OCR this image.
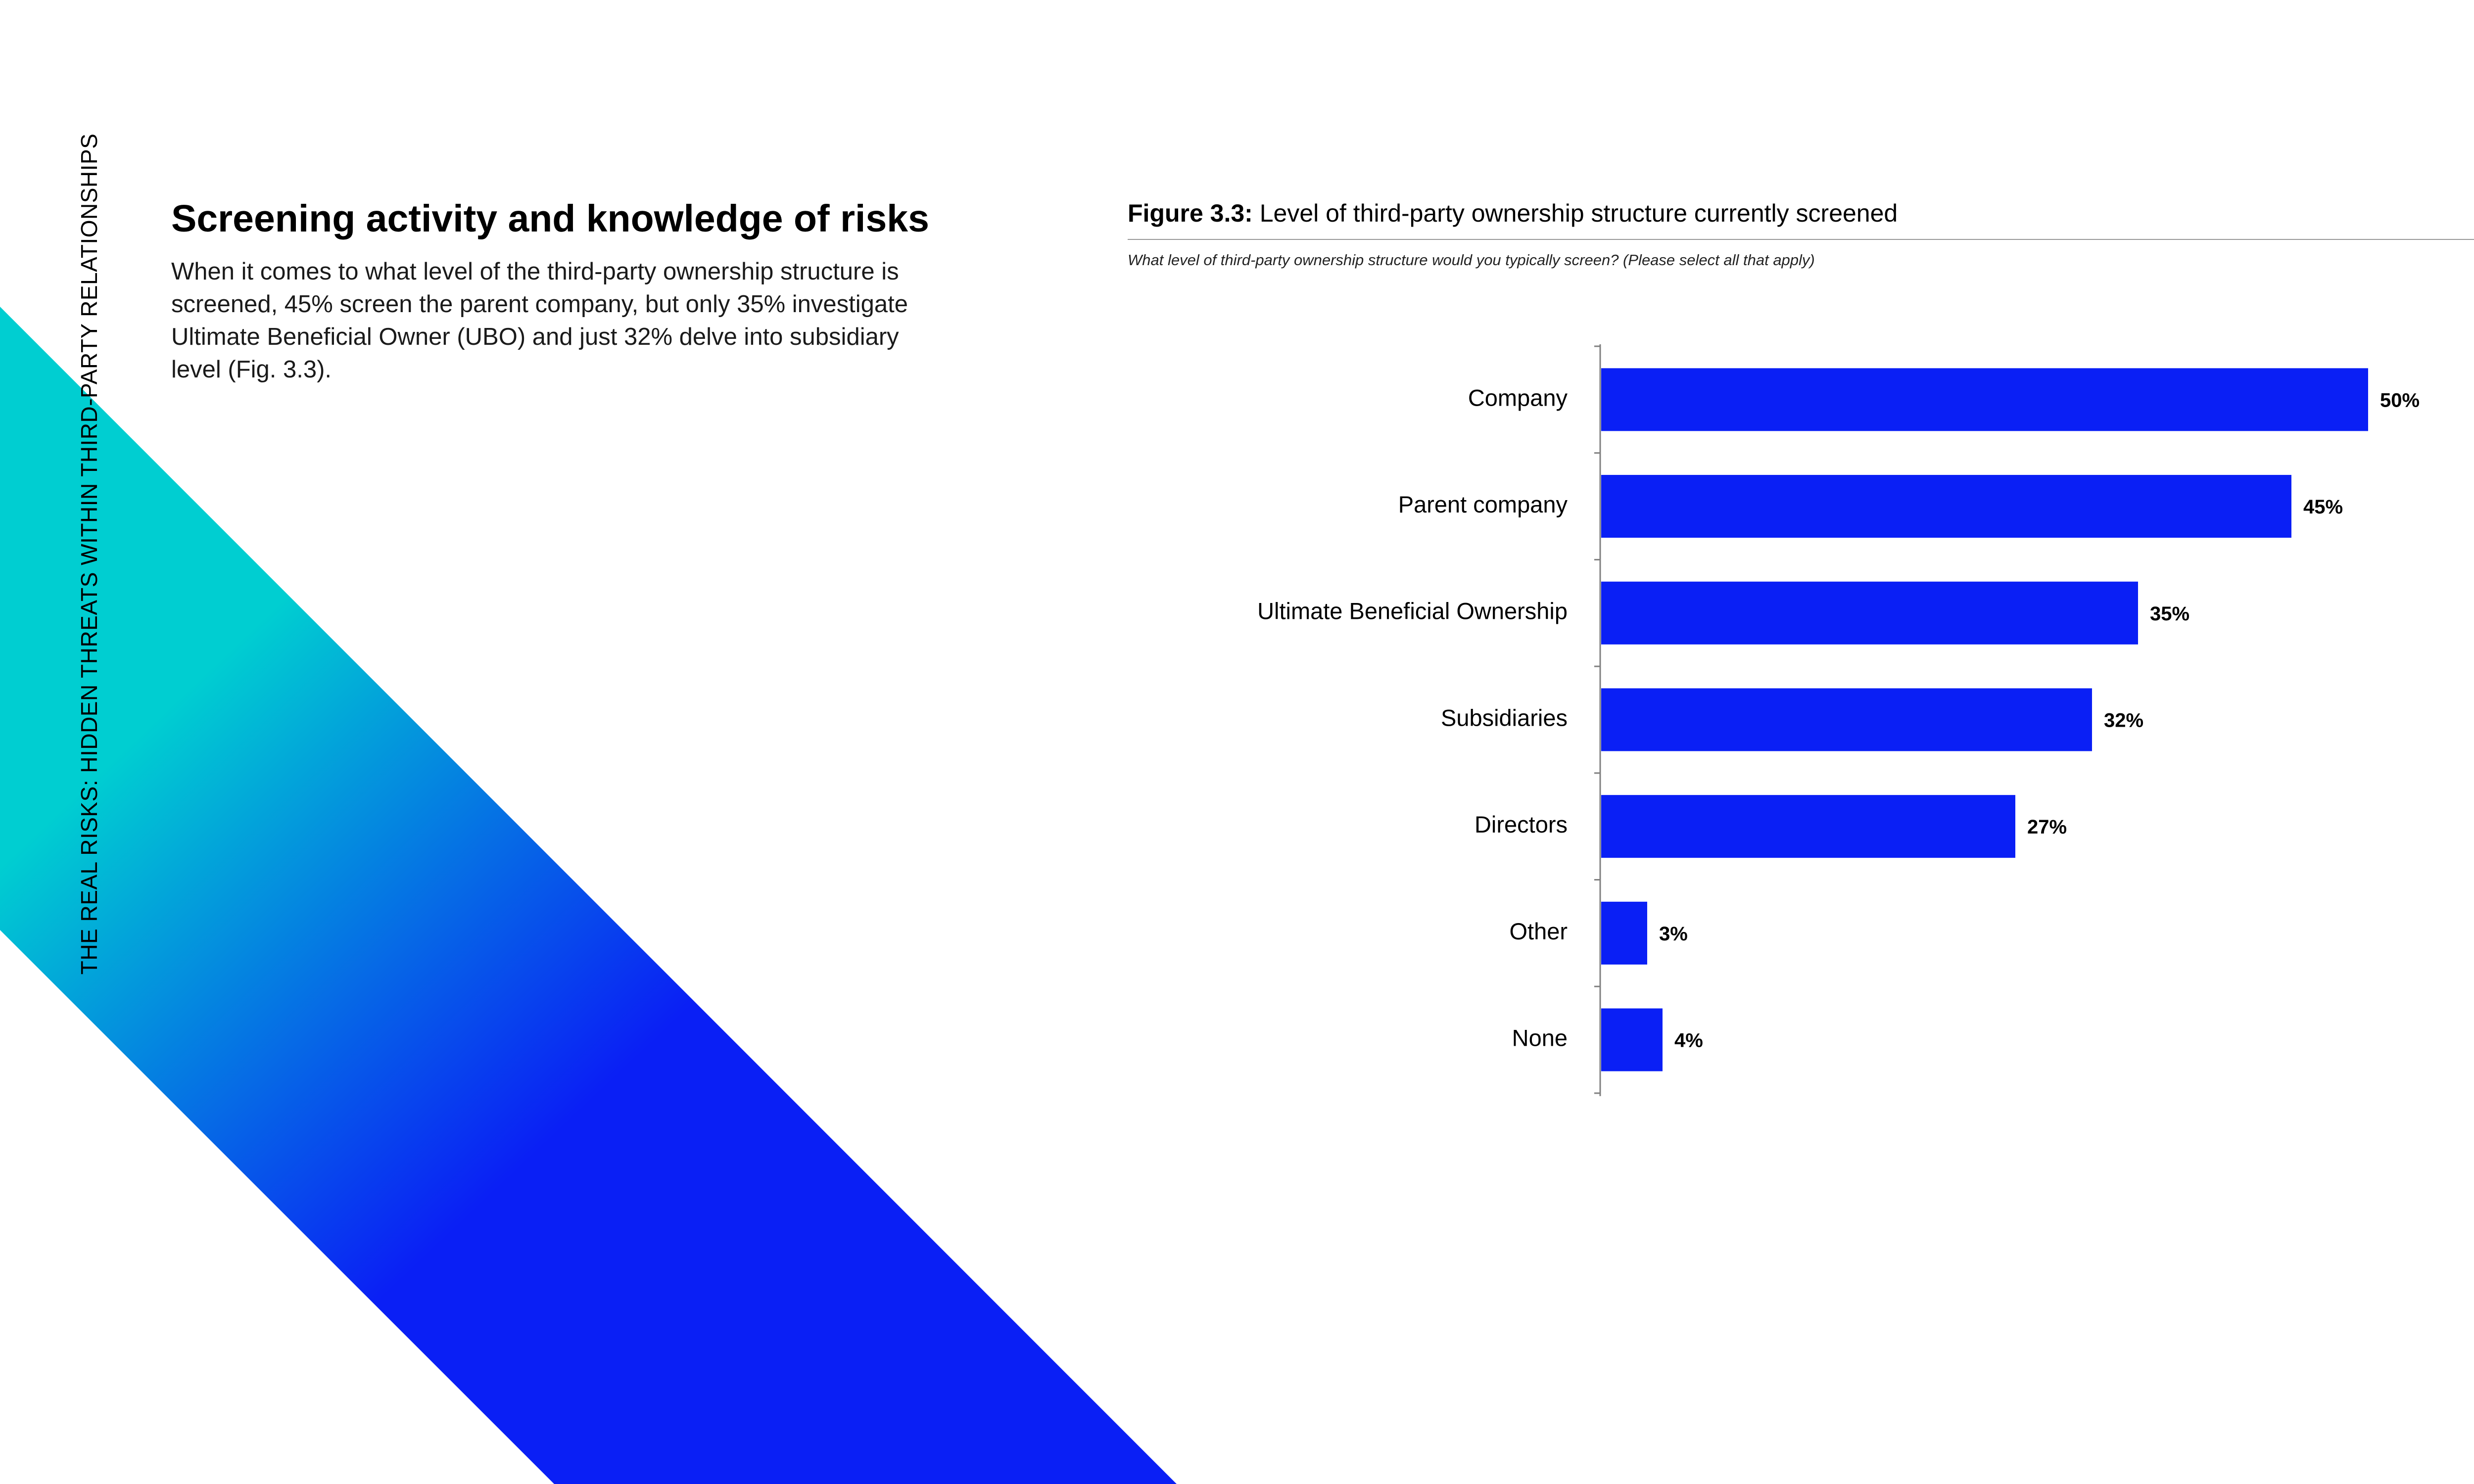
THE REAL RISKS: HIDDEN THREATS WITHIN THIRD-PARTY RELATIONSHIPS Screening activity and knowledge of risks

When it comes to what level of the third-party ownership structure is screened, 45% screen the parent company, but only 35% investigate Ultimate Beneficial Owner (UBO) and just 32% delve into subsidiary level (Fig. 3.3).

Figure 3.3: Level of third-party ownership structure currently screened
What level of third-party ownership structure would you typically screen? (Please select all that apply)
Company	50%
Parent company	45%
Ultimate Beneficial Ownership	35%
Subsidiaries	32%
Directors	27%
Other	3%
None	4%
